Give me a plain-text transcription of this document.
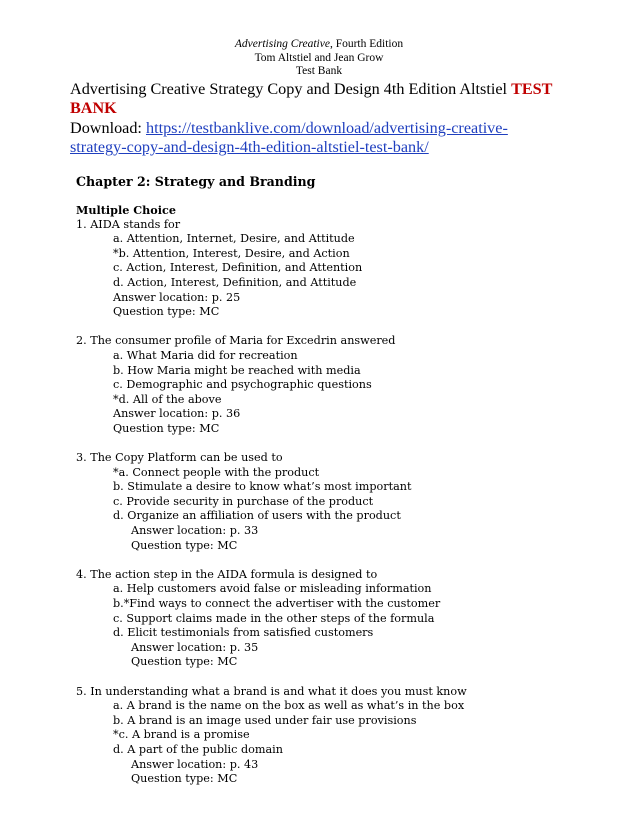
Advertising Creative, Fourth Edition
Tom Altstiel and Jean Grow
Test Bank
Advertising Creative Strategy Copy and Design 4th Edition Altstiel TEST BANK
Download: https://testbanklive.com/download/advertising-creative-strategy-copy-and-design-4th-edition-altstiel-test-bank/
Chapter 2: Strategy and Branding
Multiple Choice
1. AIDA stands for
a. Attention, Internet, Desire, and Attitude
*b. Attention, Interest, Desire, and Action
c. Action, Interest, Definition, and Attention
d. Action, Interest, Definition, and Attitude
Answer location: p. 25
Question type: MC
2. The consumer profile of Maria for Excedrin answered
a. What Maria did for recreation
b. How Maria might be reached with media
c. Demographic and psychographic questions
*d. All of the above
Answer location: p. 36
Question type: MC
3. The Copy Platform can be used to
*a. Connect people with the product
b. Stimulate a desire to know what’s most important
c. Provide security in purchase of the product
d. Organize an affiliation of users with the product
Answer location: p. 33
Question type: MC
4. The action step in the AIDA formula is designed to
a. Help customers avoid false or misleading information
b.*Find ways to connect the advertiser with the customer
c. Support claims made in the other steps of the formula
d. Elicit testimonials from satisfied customers
Answer location: p. 35
Question type: MC
5. In understanding what a brand is and what it does you must know
a. A brand is the name on the box as well as what’s in the box
b. A brand is an image used under fair use provisions
*c. A brand is a promise
d. A part of the public domain
Answer location: p. 43
Question type: MC
